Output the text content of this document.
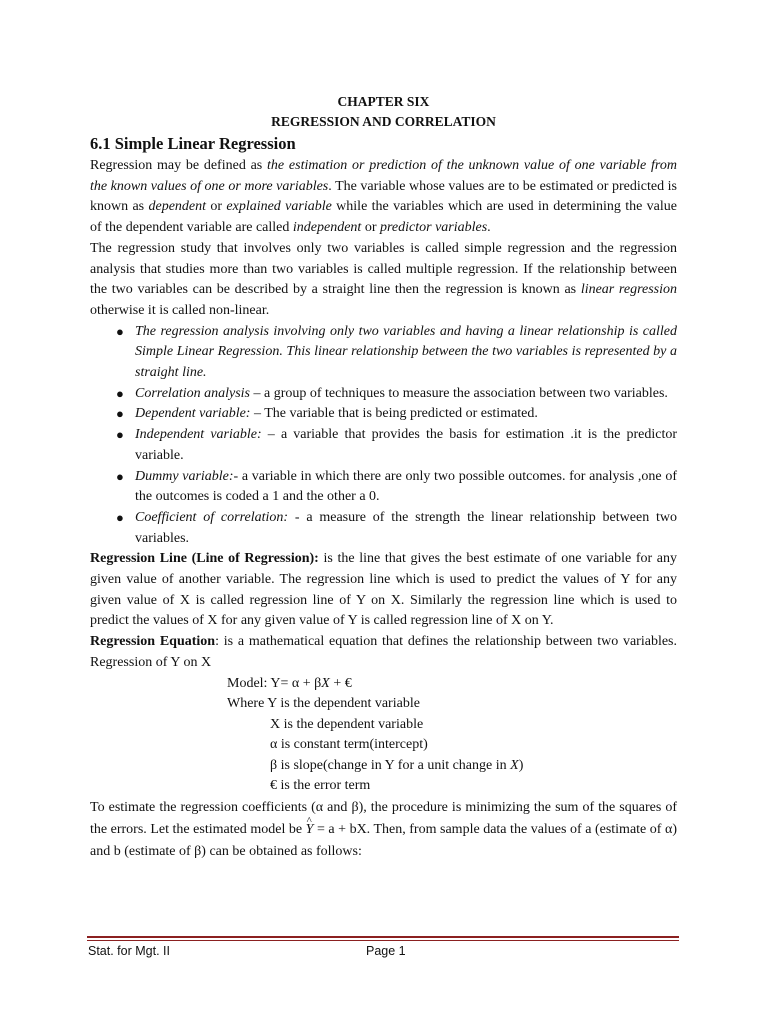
CHAPTER SIX
REGRESSION AND CORRELATION
6.1 Simple Linear Regression

Regression may be defined as the estimation or prediction of the unknown value of one variable from the known values of one or more variables. The variable whose values are to be estimated or predicted is known as dependent or explained variable while the variables which are used in determining the value of the dependent variable are called independent or predictor variables.

The regression study that involves only two variables is called simple regression and the regression analysis that studies more than two variables is called multiple regression. If the relationship between the two variables can be described by a straight line then the regression is known as linear regression otherwise it is called non-linear.

● The regression analysis involving only two variables and having a linear relationship is called Simple Linear Regression. This linear relationship between the two variables is represented by a straight line.
● Correlation analysis – a group of techniques to measure the association between two variables.
● Dependent variable: – The variable that is being predicted or estimated.
● Independent variable: – a variable that provides the basis for estimation .it is the predictor variable.
● Dummy variable:- a variable in which there are only two possible outcomes. for analysis ,one of the outcomes is coded a 1 and the other a 0.
● Coefficient of correlation: - a measure of the strength the linear relationship between two variables.

Regression Line (Line of Regression): is the line that gives the best estimate of one variable for any given value of another variable. The regression line which is used to predict the values of Y for any given value of X is called regression line of Y on X. Similarly the regression line which is used to predict the values of X for any given value of Y is called regression line of X on Y.

Regression Equation: is a mathematical equation that defines the relationship between two variables. Regression of Y on X

Model: Y= α + βX + €
Where Y is the dependent variable
X is the dependent variable
α is constant term(intercept)
β is slope(change in Y for a unit change in X)
€ is the error term

To estimate the regression coefficients (α and β), the procedure is minimizing the sum of the squares of the errors. Let the estimated model be ^ Y = a + bX. Then, from sample data the values of a (estimate of α) and b (estimate of β) can be obtained as follows:

Stat. for Mgt. II	Page 1
